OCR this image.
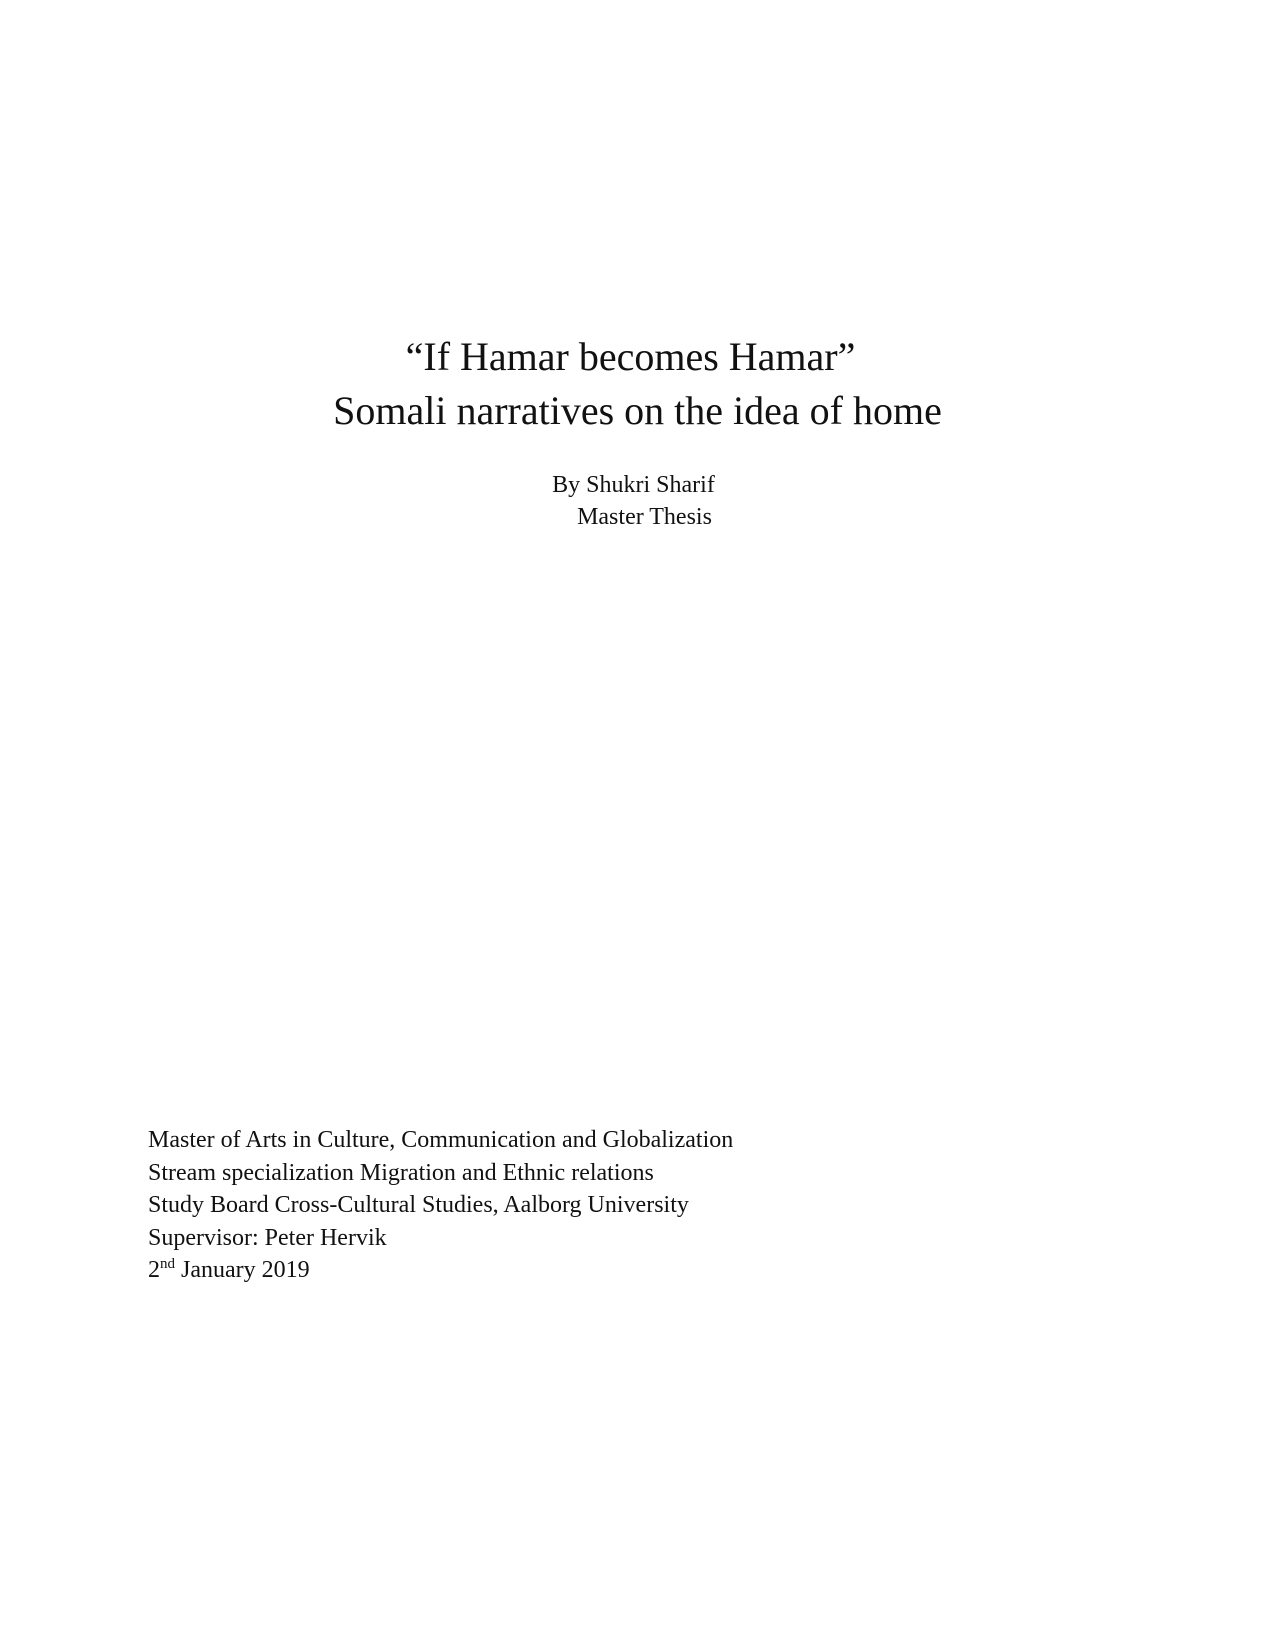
“If Hamar becomes Hamar”
Somali narratives on the idea of home
By Shukri Sharif
Master Thesis
Master of Arts in Culture, Communication and Globalization
Stream specialization Migration and Ethnic relations
Study Board Cross-Cultural Studies, Aalborg University
Supervisor: Peter Hervik
2nd January 2019
